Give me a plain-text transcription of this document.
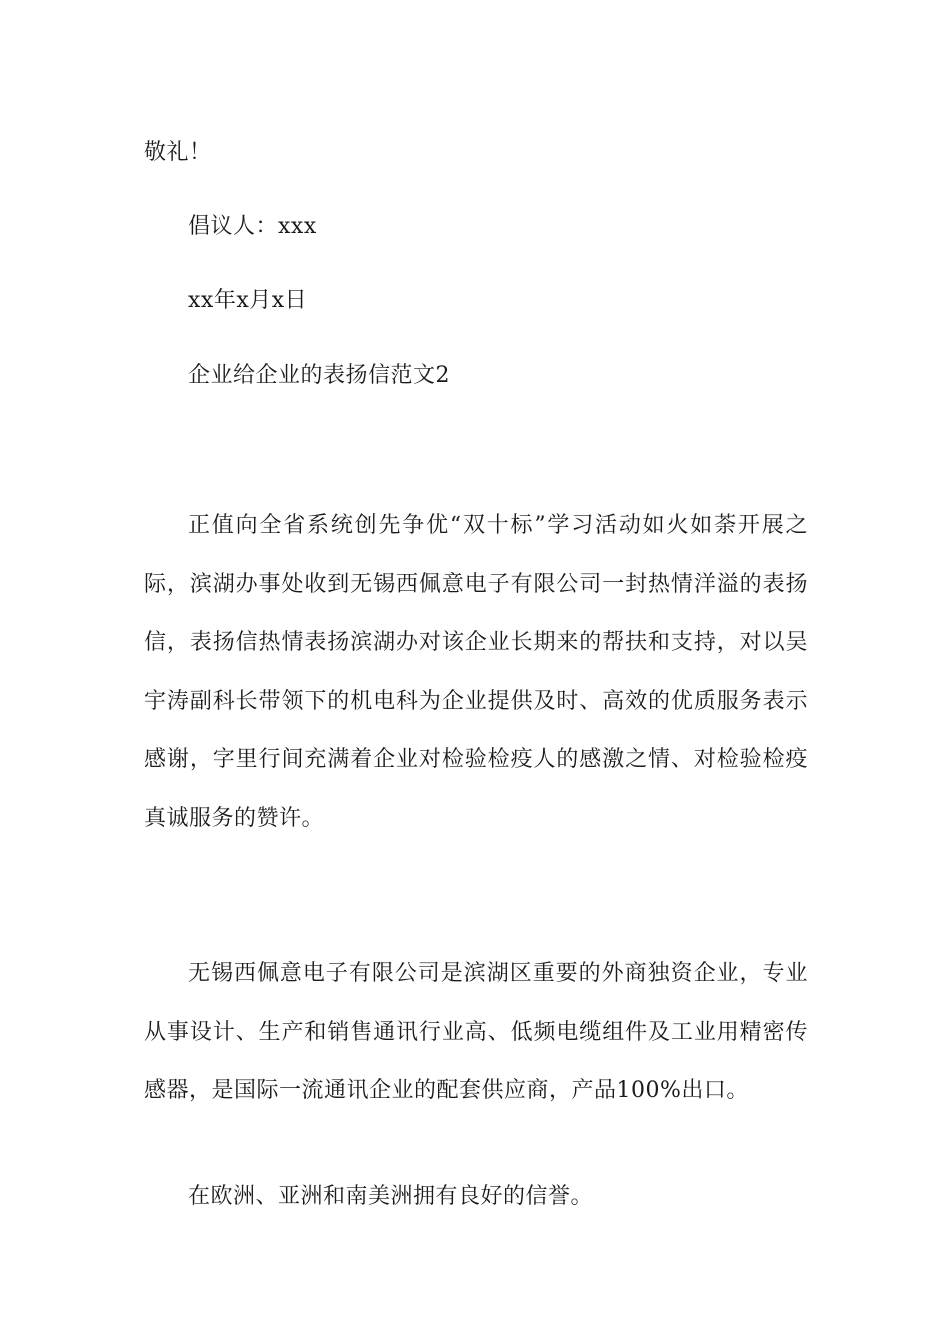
敬礼！
倡议人：xxx
xx年x月x日
企业给企业的表扬信范文2

正值向全省系统创先争优“双十标”学习活动如火如荼开展之际，滨湖办事处收到无锡西佩意电子有限公司一封热情洋溢的表扬信，表扬信热情表扬滨湖办对该企业长期来的帮扶和支持，对以吴宇涛副科长带领下的机电科为企业提供及时、高效的优质服务表示感谢，字里行间充满着企业对检验检疫人的感激之情、对检验检疫真诚服务的赞许。

无锡西佩意电子有限公司是滨湖区重要的外商独资企业，专业从事设计、生产和销售通讯行业高、低频电缆组件及工业用精密传感器，是国际一流通讯企业的配套供应商，产品100%出口。

在欧洲、亚洲和南美洲拥有良好的信誉。
